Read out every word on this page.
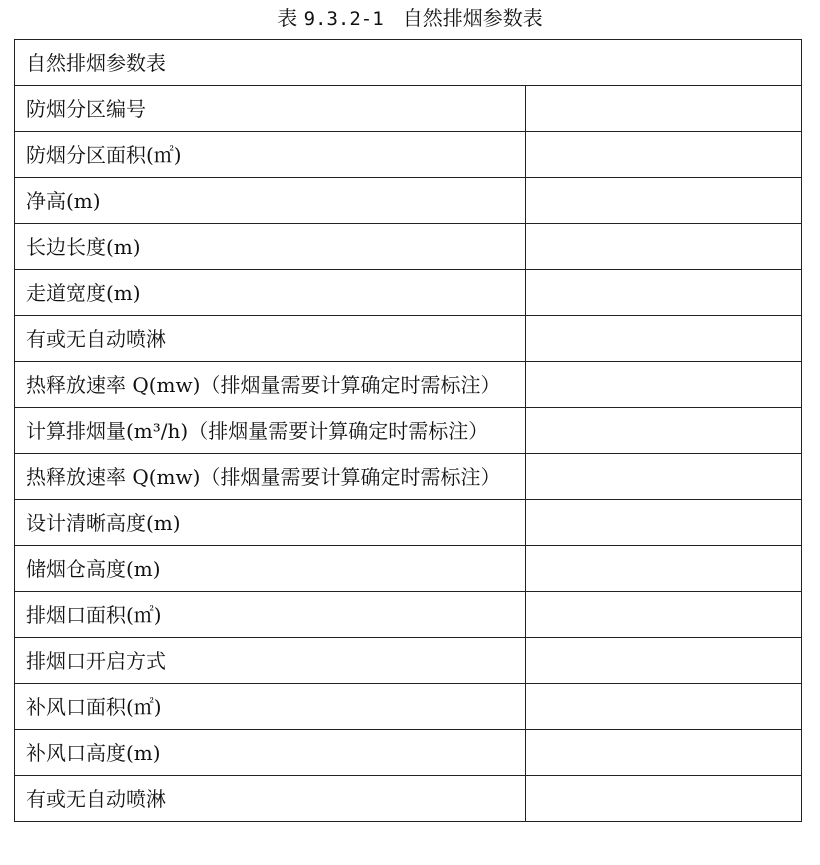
表 9.3.2-1 自然排烟参数表
自然排烟参数表	
防烟分区编号	
防烟分区面积(㎡)	
净高(m)	
长边长度(m)	
走道宽度(m)	
有或无自动喷淋	
热释放速率 Q(mw)（排烟量需要计算确定时需标注）	
计算排烟量(m³/h)（排烟量需要计算确定时需标注）	
热释放速率 Q(mw)（排烟量需要计算确定时需标注）	
设计清晰高度(m)	
储烟仓高度(m)	
排烟口面积(㎡)	
排烟口开启方式	
补风口面积(㎡)	
补风口高度(m)	
有或无自动喷淋	
